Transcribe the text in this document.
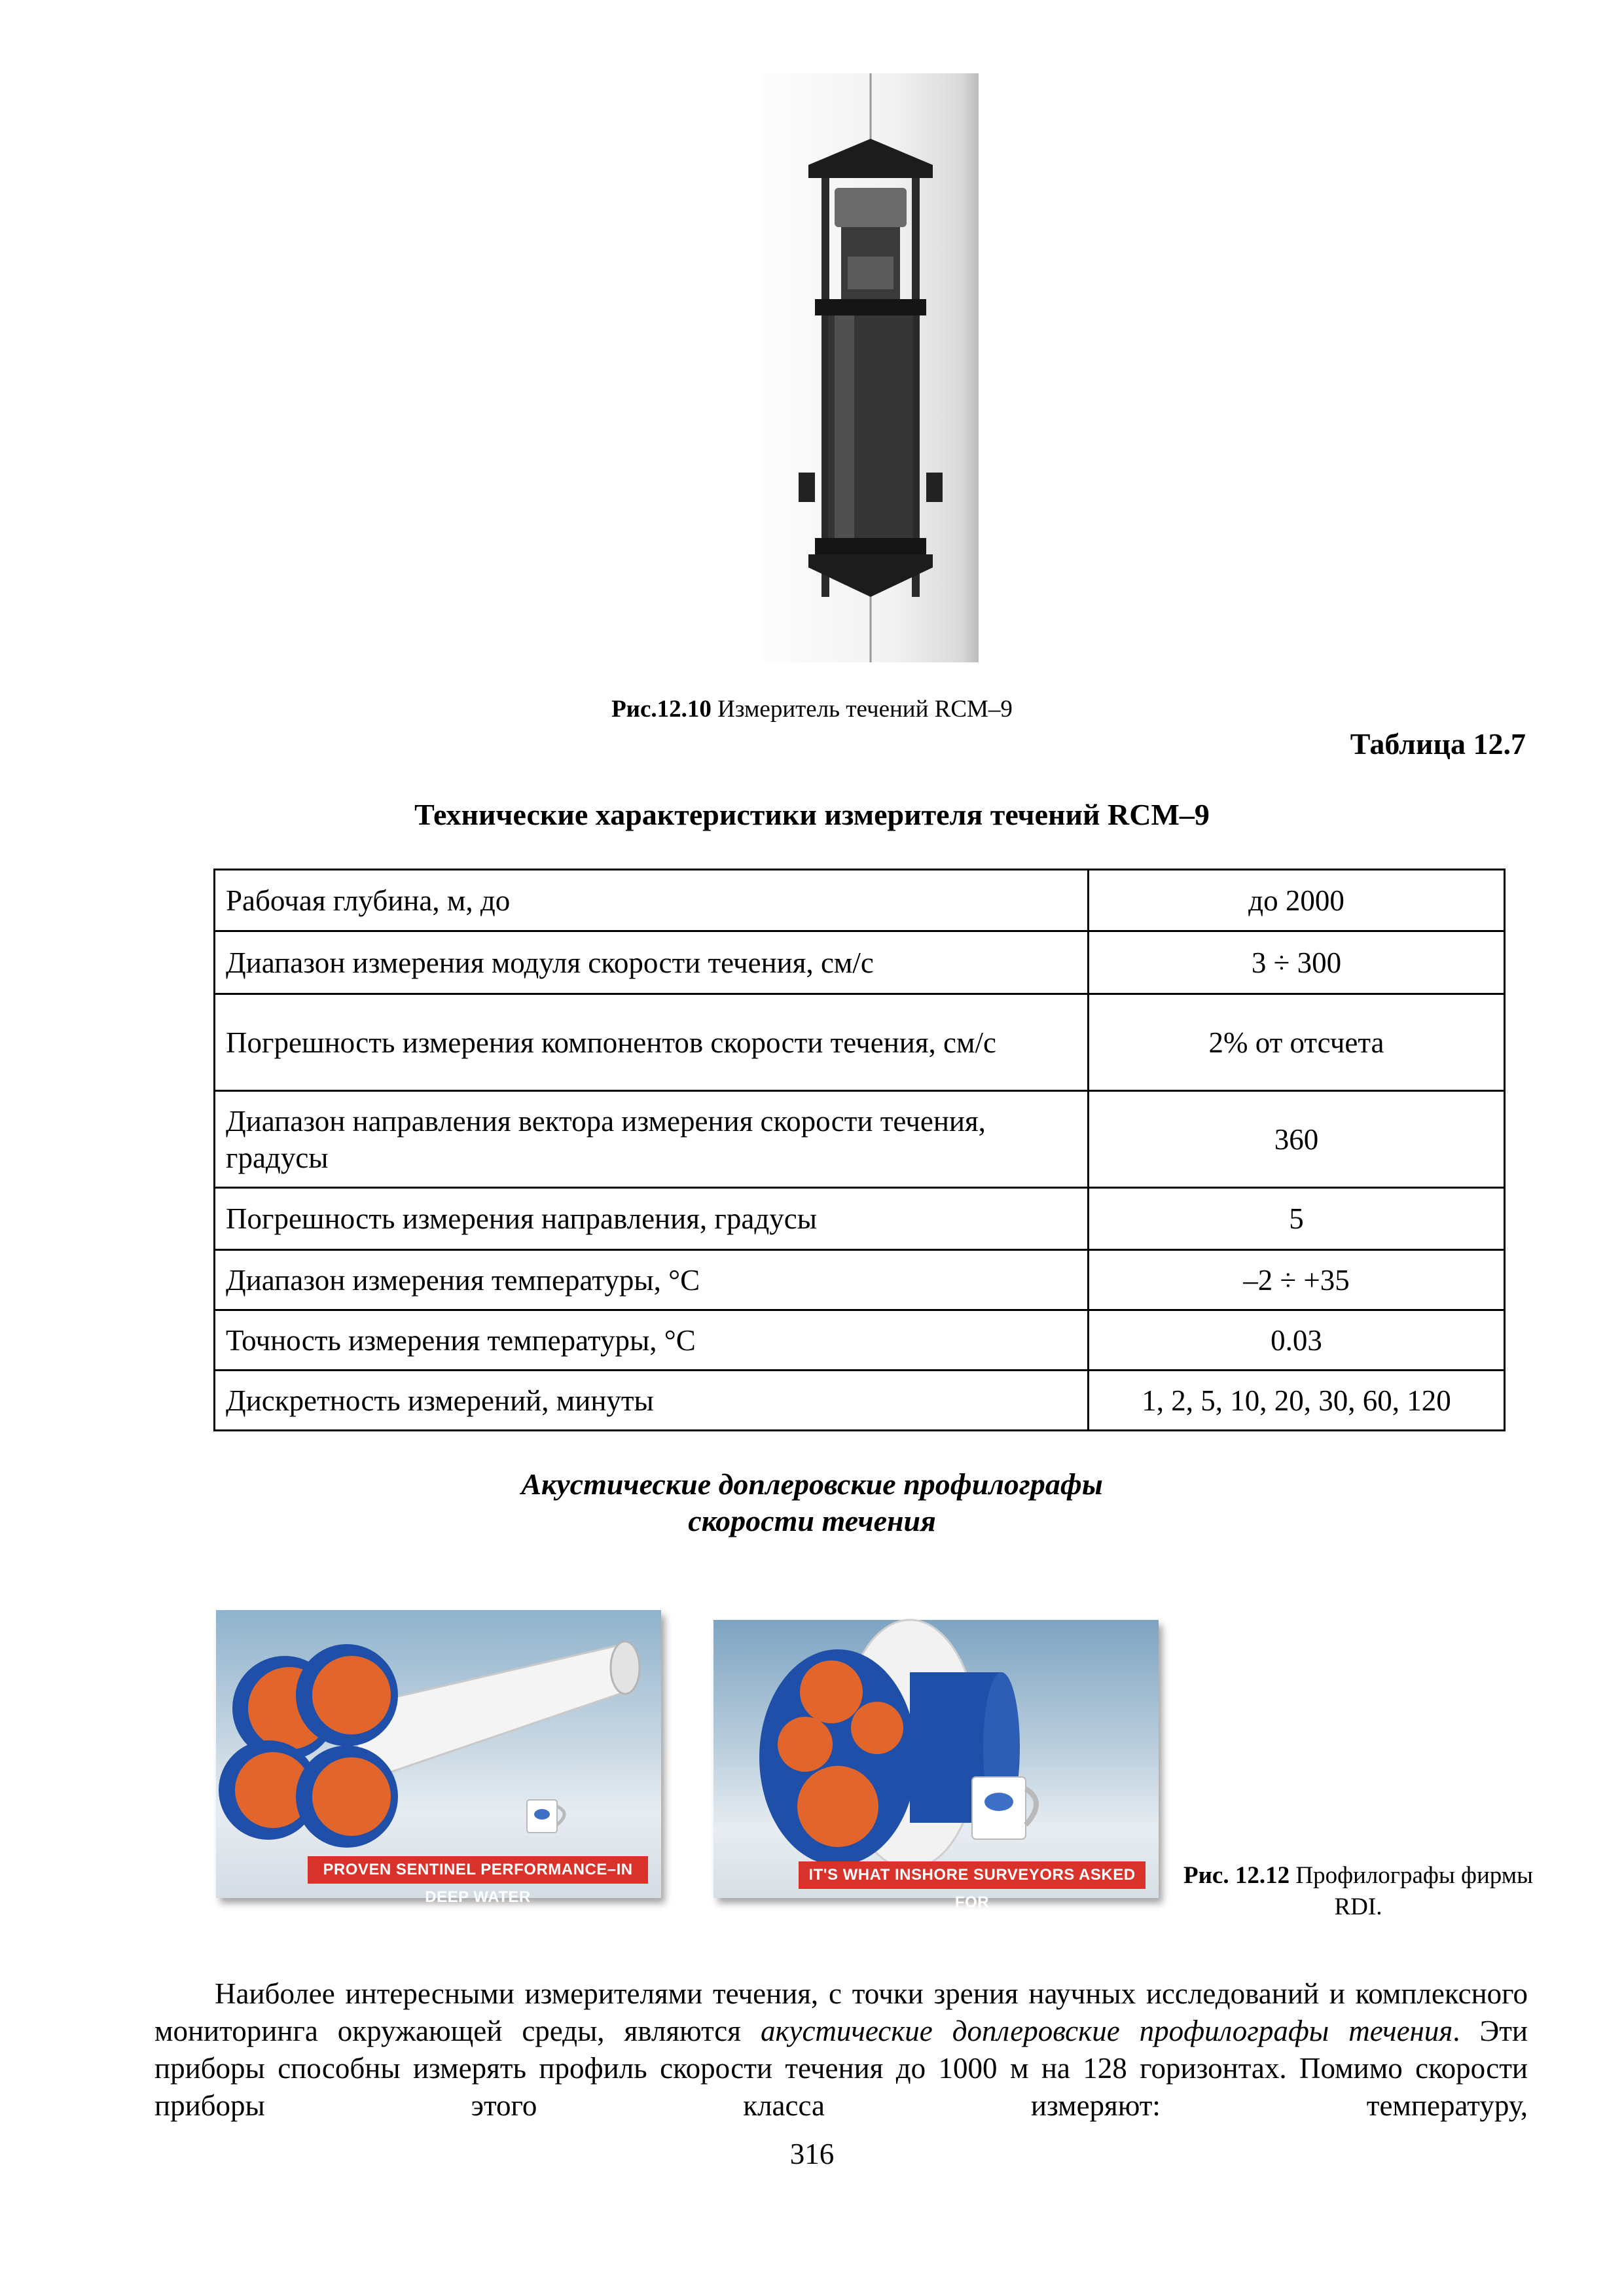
Рис.12.10 Измеритель течений RCM–9
Таблица 12.7
Технические характеристики измерителя течений RCM–9
Рабочая глубина, м, до	до 2000
Диапазон измерения модуля скорости течения, см/с	3 ÷ 300
Погрешность измерения компонентов скорости течения, см/с	2% от отсчета
Диапазон направления вектора измерения скорости течения, градусы	360
Погрешность измерения направления, градусы	5
Диапазон измерения температуры, °С	–2 ÷ +35
Точность измерения температуры, °С	0.03
Дискретность измерений, минуты	1, 2, 5, 10, 20, 30, 60, 120
Акустические доплеровские профилографы
скорости течения
PROVEN SENTINEL PERFORMANCE–IN DEEP WATER
IT'S WHAT INSHORE SURVEYORS ASKED FOR
Рис. 12.12 Профилографы фирмы RDI.

Наиболее интересными измерителями течения, с точки зрения научных исследований и комплексного мониторинга окружающей среды, являются акустические доплеровские профилографы течения. Эти приборы способны измерять профиль скорости течения до 1000 м на 128 горизонтах. Помимо скорости приборы этого класса измеряют: температуру,

316
